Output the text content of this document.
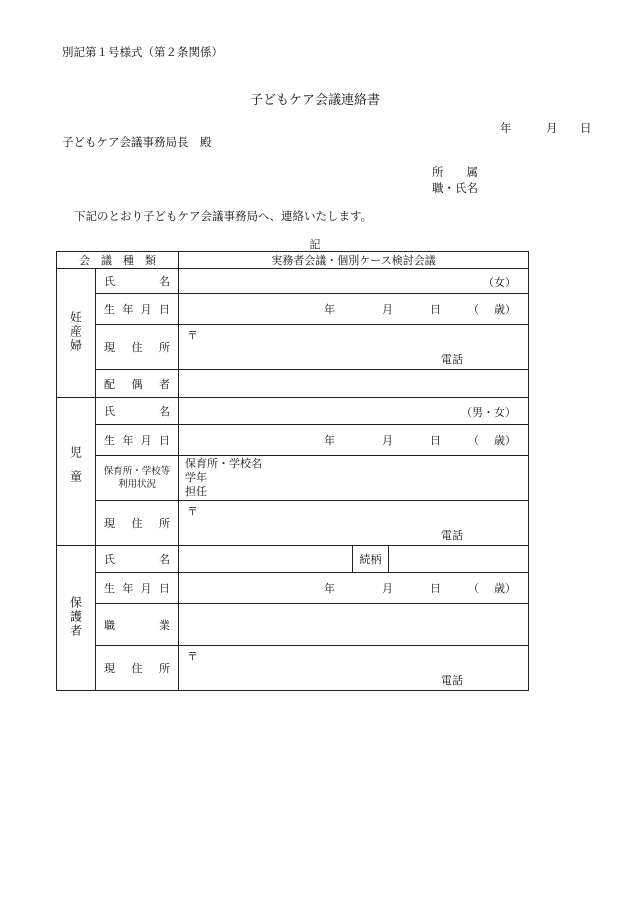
別記第１号様式（第２条関係）
子どもケア会議連絡書
年	月 日
子どもケア会議事務局長　殿
所　　属
職・氏名
下記のとおり子どもケア会議事務局へ、連絡いたします。
記
会　議　種　類		実務者会議・個別ケース検討会議		
妊産婦	氏　　　名	（女）		

	生 年 月 日	年 月 日 （ 歳）		

	現　住　所	〒
電話		

	配　偶　者			
児童	氏　　　名	（男・女）		

	生 年 月 日	年 月 日 （ 歳）		

	保育所・学校等利用状況	保育所・学校名
学年
担任		

	現　住　所	〒
電話		

保護者	氏　　　名		続柄	
	生 年 月 日	年 月 日 （ 歳）		

	職　　　業			
	現　住　所	〒
電話		
